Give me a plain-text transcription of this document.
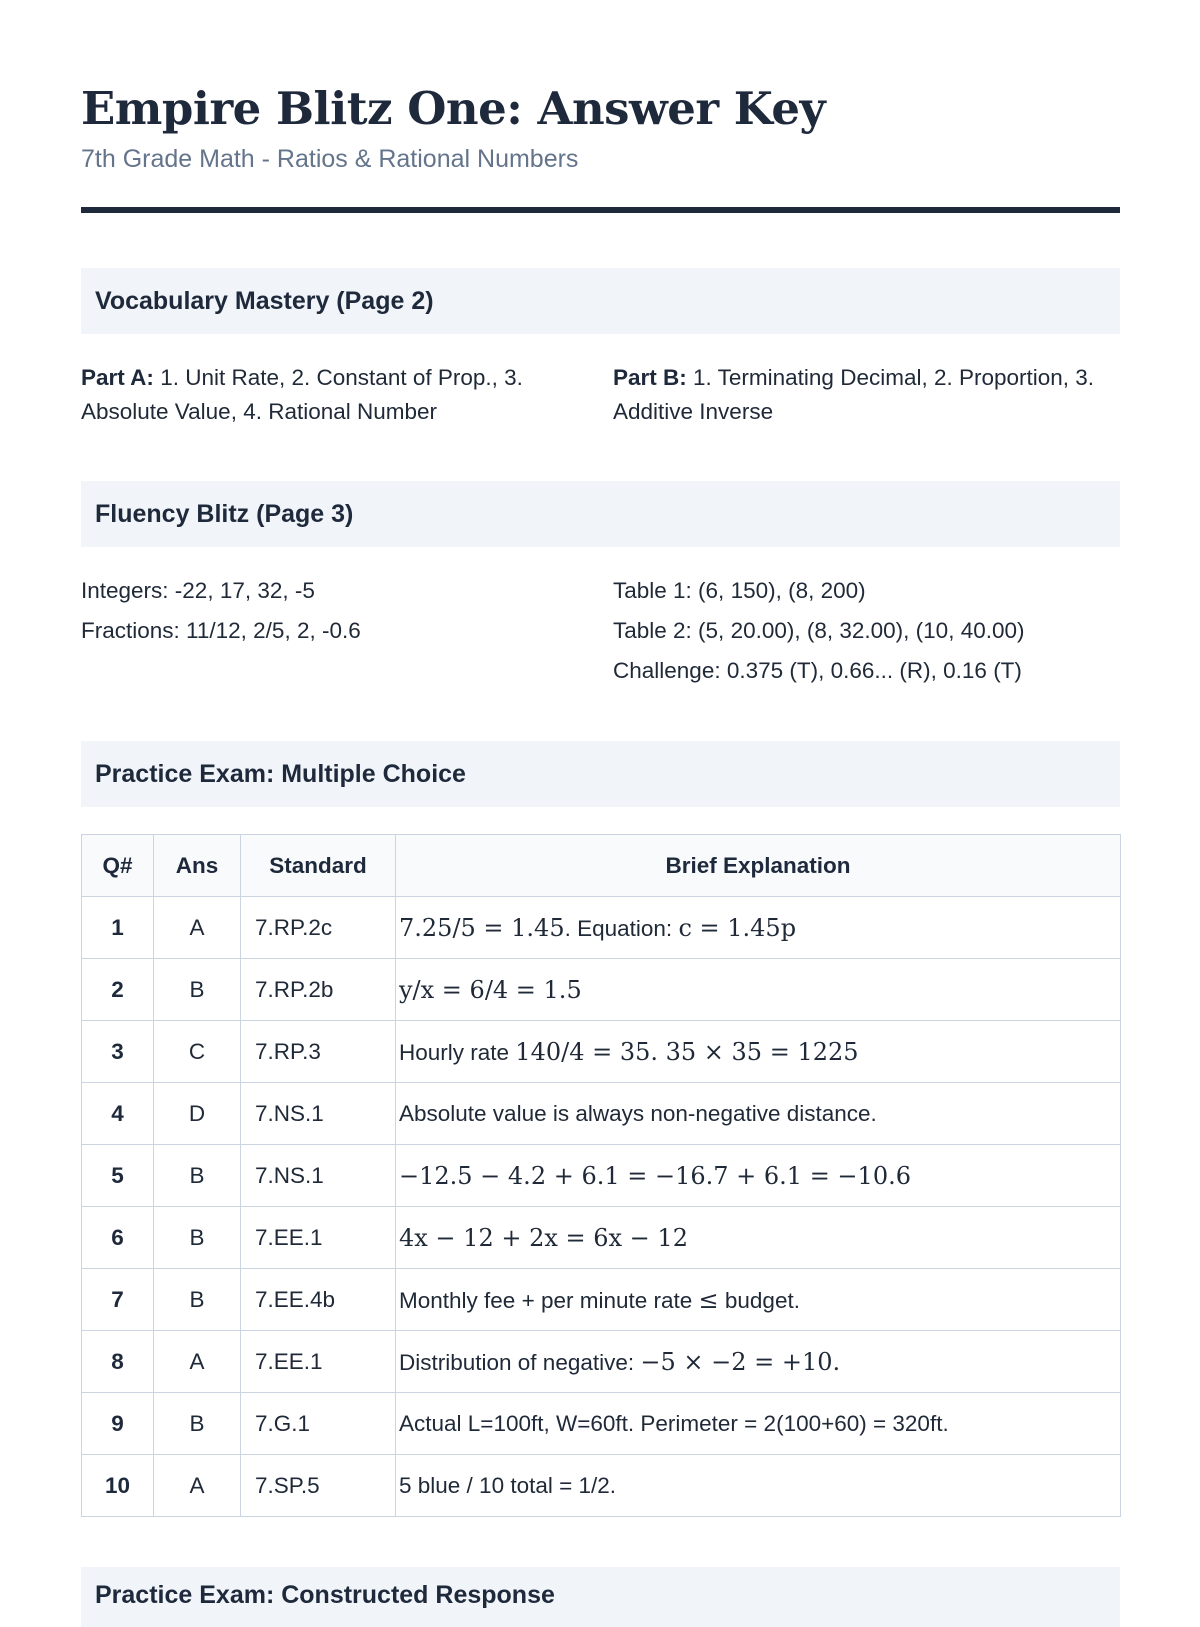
Empire Blitz One: Answer Key
7th Grade Math - Ratios & Rational Numbers
Vocabulary Mastery (Page 2)
Part A: 1. Unit Rate, 2. Constant of Prop., 3. Absolute Value, 4. Rational Number
Part B: 1. Terminating Decimal, 2. Proportion, 3. Additive Inverse
Fluency Blitz (Page 3)
Integers: -22, 17, 32, -5
Fractions: 11/12, 2/5, 2, -0.6
Table 1: (6, 150), (8, 200)
Table 2: (5, 20.00), (8, 32.00), (10, 40.00)
Challenge: 0.375 (T), 0.66... (R), 0.16 (T)
Practice Exam: Multiple Choice
Q#	Ans	Standard	Brief Explanation
1	A	7.RP.2c	7.25/5 = 1.45. Equation: c = 1.45p
2	B	7.RP.2b	y/x = 6/4 = 1.5
3	C	7.RP.3	Hourly rate 140/4 = 35. 35 × 35 = 1225
4	D	7.NS.1	Absolute value is always non-negative distance.
5	B	7.NS.1	−12.5 − 4.2 + 6.1 = −16.7 + 6.1 = −10.6
6	B	7.EE.1	4x − 12 + 2x = 6x − 12
7	B	7.EE.4b	Monthly fee + per minute rate ≤ budget.
8	A	7.EE.1	Distribution of negative: −5 × −2 = +10.
9	B	7.G.1	Actual L=100ft, W=60ft. Perimeter = 2(100+60) = 320ft.
10	A	7.SP.5	5 blue / 10 total = 1/2.
Practice Exam: Constructed Response
